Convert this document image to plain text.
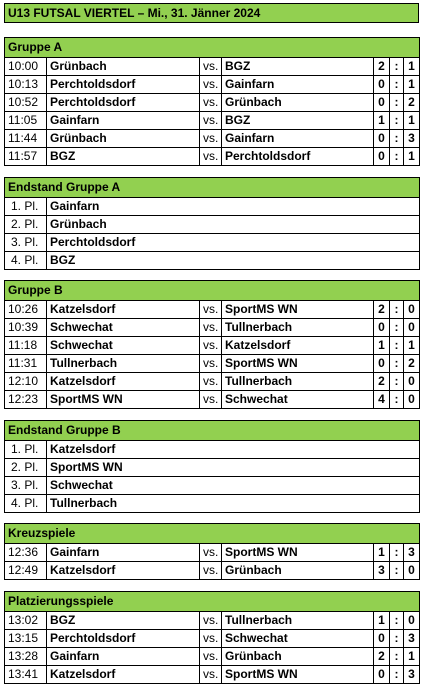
U13 FUTSAL VIERTEL – Mi., 31. Jänner 2024
Gruppe A						
10:00	Grünbach	vs.	BGZ	2	:	1
10:13	Perchtoldsdorf	vs.	Gainfarn	0	:	1
10:52	Perchtoldsdorf	vs.	Grünbach	0	:	2
11:05	Gainfarn	vs.	BGZ	1	:	1
11:44	Grünbach	vs.	Gainfarn	0	:	3
11:57	BGZ	vs.	Perchtoldsdorf	0	:	1
Endstand Gruppe A	
1. Pl.	Gainfarn
2. Pl.	Grünbach
3. Pl.	Perchtoldsdorf
4. Pl.	BGZ
Gruppe B						
10:26	Katzelsdorf	vs.	SportMS WN	2	:	0
10:39	Schwechat	vs.	Tullnerbach	0	:	0
11:18	Schwechat	vs.	Katzelsdorf	1	:	1
11:31	Tullnerbach	vs.	SportMS WN	0	:	2
12:10	Katzelsdorf	vs.	Tullnerbach	2	:	0
12:23	SportMS WN	vs.	Schwechat	4	:	0
Endstand Gruppe B	
1. Pl.	Katzelsdorf
2. Pl.	SportMS WN
3. Pl.	Schwechat
4. Pl.	Tullnerbach
Kreuzspiele						
12:36	Gainfarn	vs.	SportMS WN	1	:	3
12:49	Katzelsdorf	vs.	Grünbach	3	:	0
Platzierungsspiele						
13:02	BGZ	vs.	Tullnerbach	1	:	0
13:15	Perchtoldsdorf	vs.	Schwechat	0	:	3
13:28	Gainfarn	vs.	Grünbach	2	:	1
13:41	Katzelsdorf	vs.	SportMS WN	0	:	3
